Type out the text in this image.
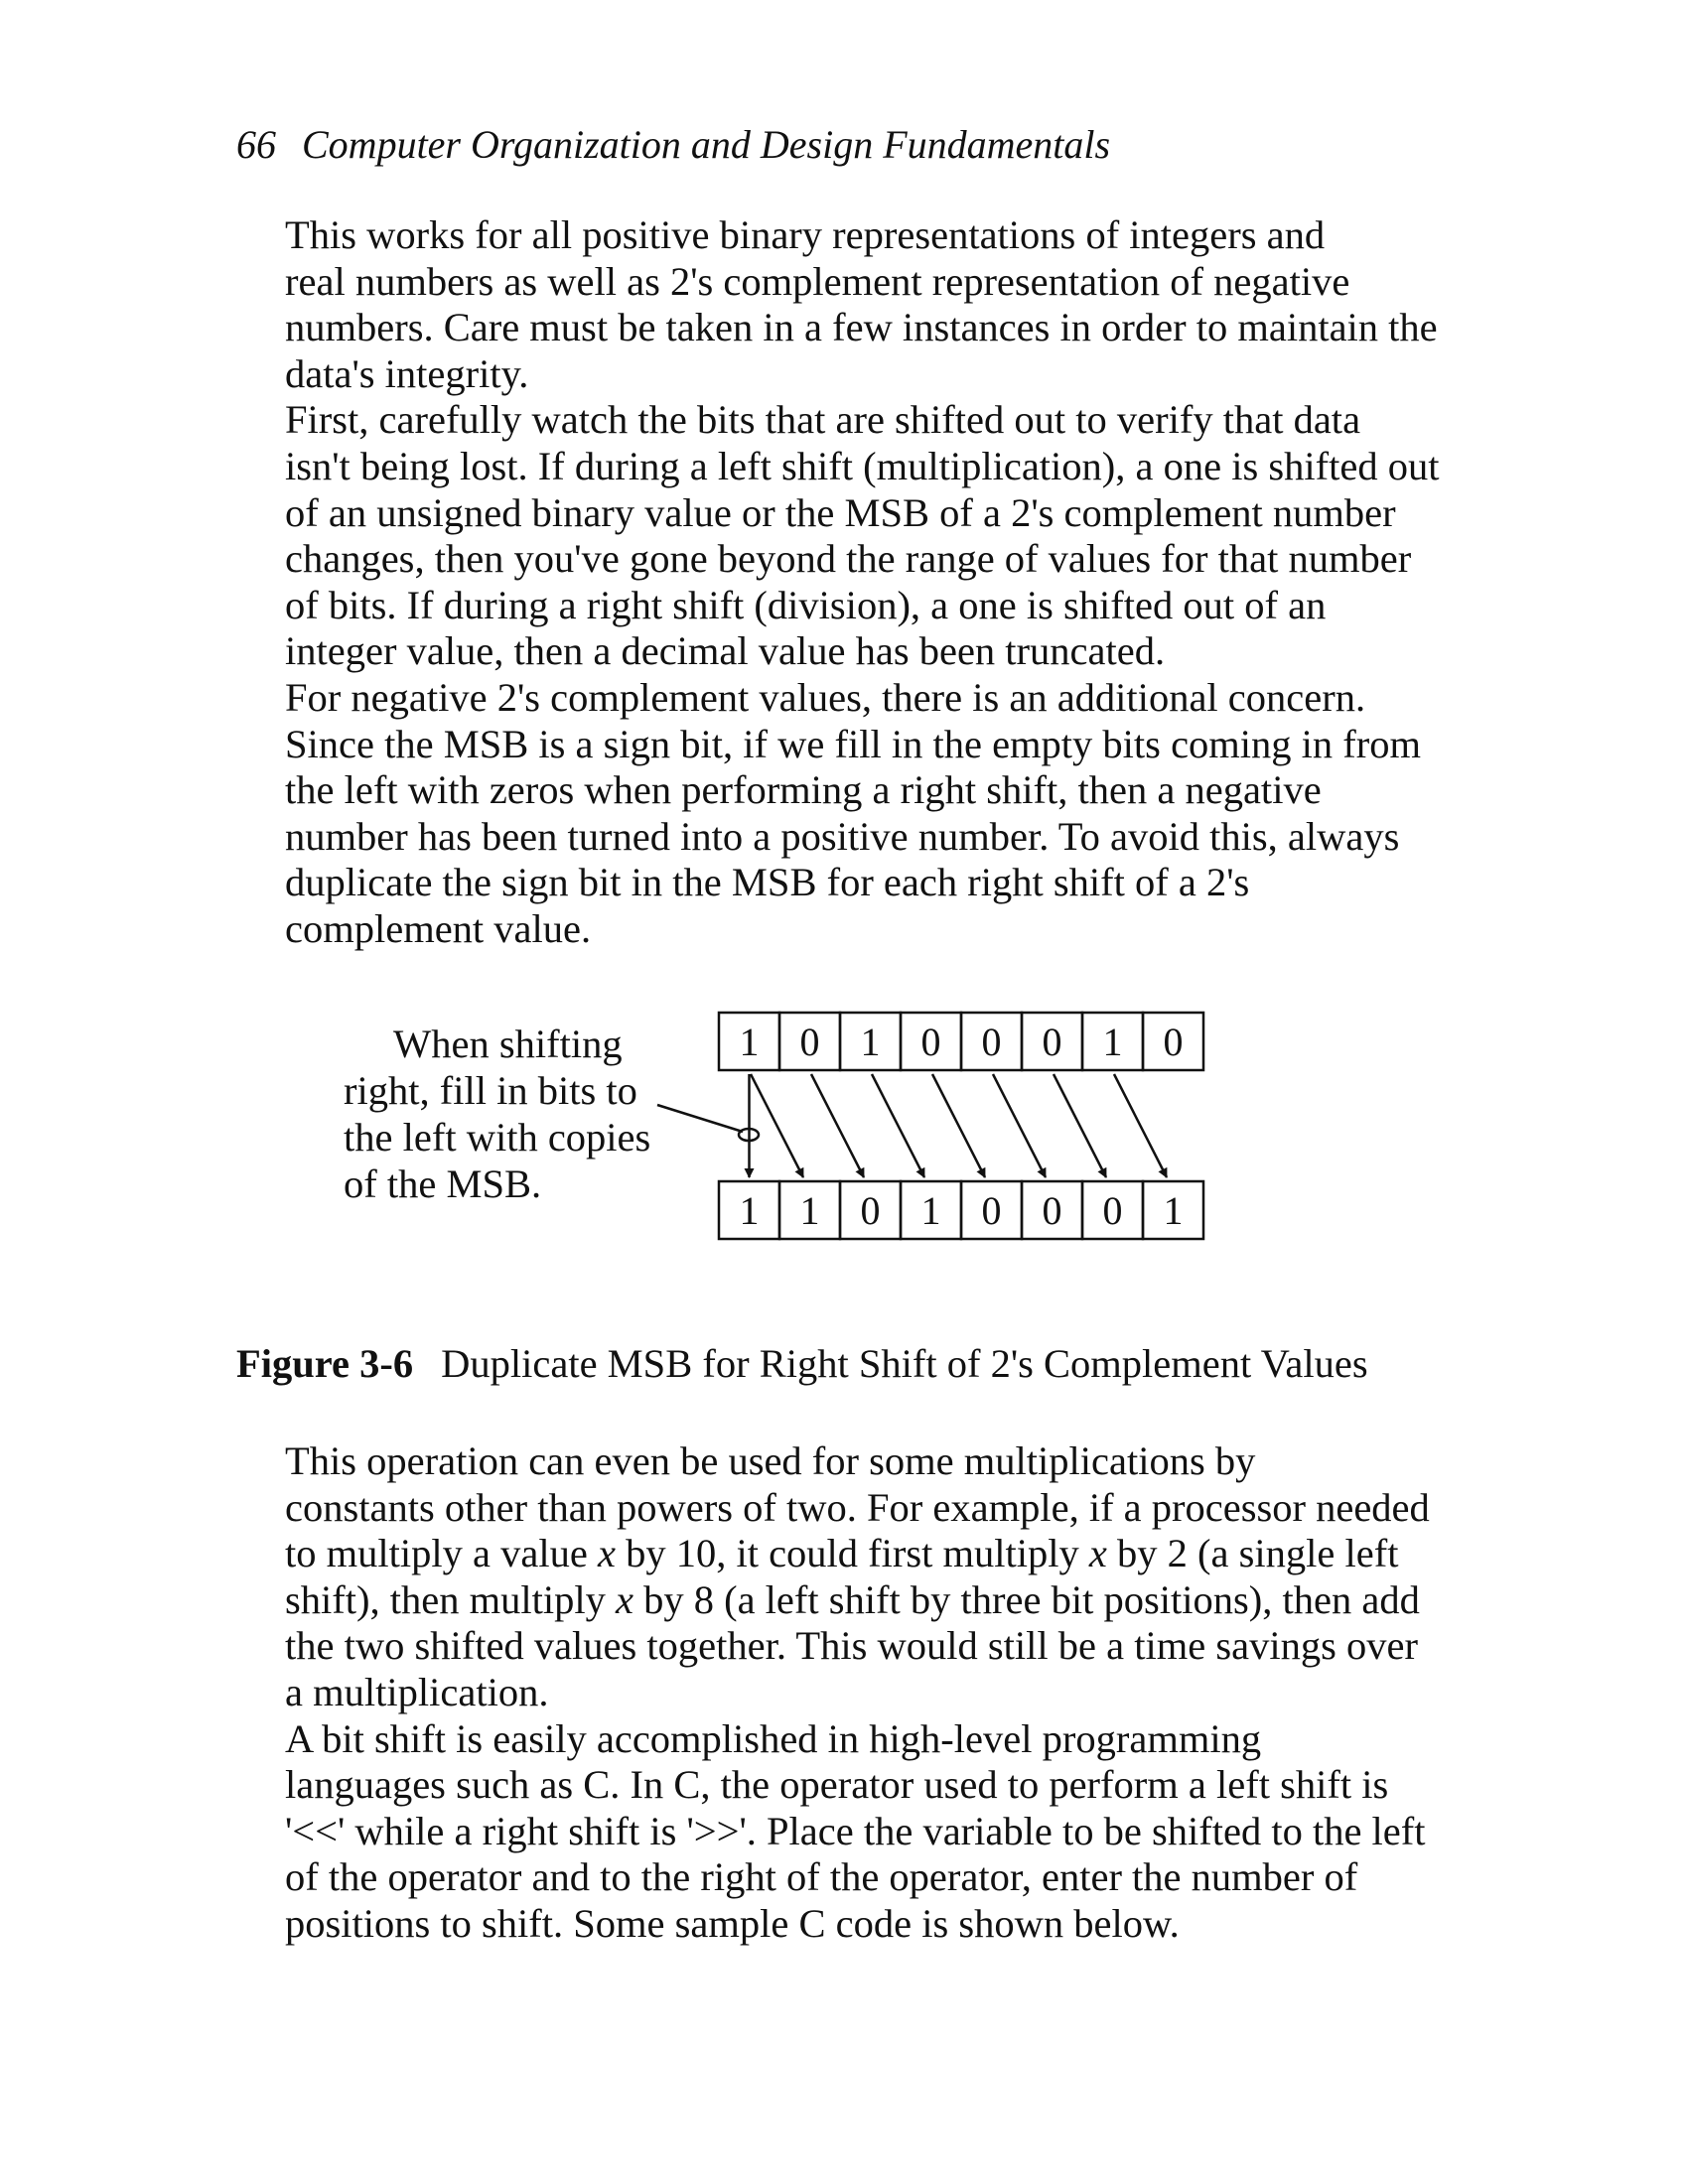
66 Computer Organization and Design Fundamentals

This works for all positive binary representations of integers and
real numbers as well as 2's complement representation of negative
numbers. Care must be taken in a few instances in order to maintain the
data's integrity.

First, carefully watch the bits that are shifted out to verify that data
isn't being lost. If during a left shift (multiplication), a one is shifted out
of an unsigned binary value or the MSB of a 2's complement number
changes, then you've gone beyond the range of values for that number
of bits. If during a right shift (division), a one is shifted out of an
integer value, then a decimal value has been truncated.

For negative 2's complement values, there is an additional concern.
Since the MSB is a sign bit, if we fill in the empty bits coming in from
the left with zeros when performing a right shift, then a negative
number has been turned into a positive number. To avoid this, always
duplicate the sign bit in the MSB for each right shift of a 2's
complement value.

1 0 1 0 0 0 1 0
1 1 0 1 0 0 0 1
When shifting
right, fill in bits to
the left with copies
of the MSB.
Figure 3-6 Duplicate MSB for Right Shift of 2's Complement Values

This operation can even be used for some multiplications by
constants other than powers of two. For example, if a processor needed
to multiply a value x by 10, it could first multiply x by 2 (a single left
shift), then multiply x by 8 (a left shift by three bit positions), then add
the two shifted values together. This would still be a time savings over
a multiplication.

A bit shift is easily accomplished in high-level programming
languages such as C. In C, the operator used to perform a left shift is
'<<' while a right shift is '>>'. Place the variable to be shifted to the left
of the operator and to the right of the operator, enter the number of
positions to shift. Some sample C code is shown below.
